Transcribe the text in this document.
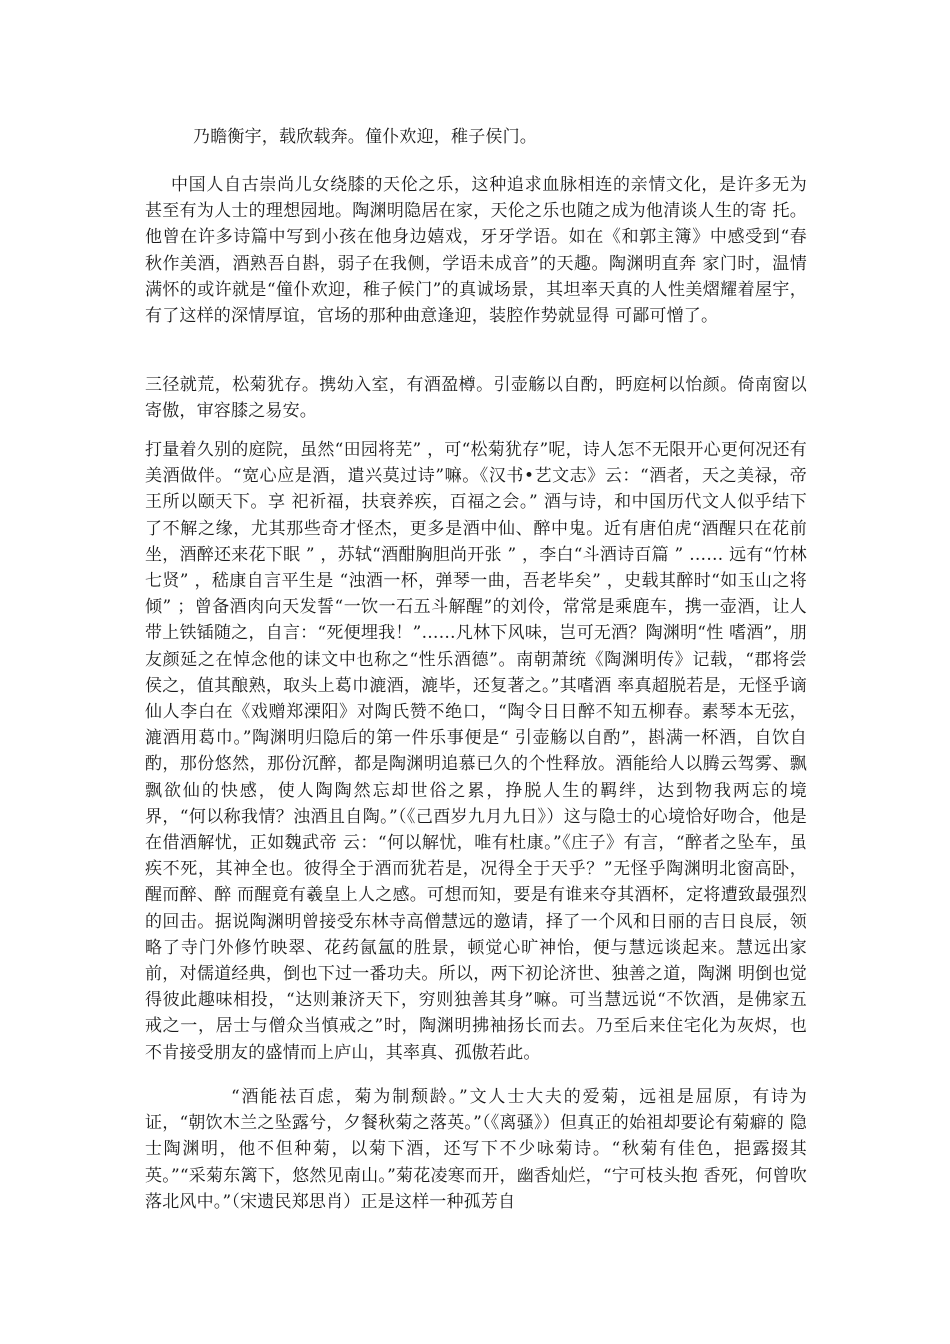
乃瞻衡宇，载欣载奔。僮仆欢迎，稚子侯门。

中国人自古崇尚儿女绕膝的天伦之乐，这种追求血脉相连的亲情文化，是许多无为甚至有为人士的理想园地。陶渊明隐居在家，天伦之乐也随之成为他清谈人生的寄 托。他曾在许多诗篇中写到小孩在他身边嬉戏，牙牙学语。如在《和郭主簿》中感受到“春秋作美酒，酒熟吾自斟，弱子在我侧，学语未成音”的天趣。陶渊明直奔 家门时，温情满怀的或许就是“僮仆欢迎，稚子候门”的真诚场景，其坦率天真的人性美熠耀着屋宇，有了这样的深情厚谊，官场的那种曲意逢迎，装腔作势就显得 可鄙可憎了。

三径就荒，松菊犹存。携幼入室，有酒盈樽。引壶觞以自酌，眄庭柯以怡颜。倚南窗以寄傲，审容膝之易安。

打量着久别的庭院，虽然“田园将芜” ，可“松菊犹存”呢，诗人怎不无限开心更何况还有美酒做伴。“宽心应是酒，遣兴莫过诗”嘛。《汉书•艺文志》云：“酒者，天之美禄，帝王所以颐天下。享 祀祈福，扶衰养疾，百福之会。” 酒与诗，和中国历代文人似乎结下了不解之缘，尤其那些奇才怪杰，更多是酒中仙、醉中鬼。近有唐伯虎“酒醒只在花前坐，酒醉还来花下眠 ” ，苏轼“酒酣胸胆尚开张 ” ，李白“斗酒诗百篇 ” …… 远有“竹林七贤” ，嵇康自言平生是 “浊酒一杯，弹琴一曲，吾老毕矣” ，史载其醉时“如玉山之将倾” ；曾备酒肉向天发誓“一饮一石五斗解醒”的刘伶，常常是乘鹿车，携一壶酒，让人带上铁锸随之，自言：“死便埋我！”……凡林下风味，岂可无酒？陶渊明“性 嗜酒”，朋友颜延之在悼念他的诔文中也称之“性乐酒德”。南朝萧统《陶渊明传》记载，“郡将尝侯之，值其酿熟，取头上葛巾漉酒，漉毕，还复著之。”其嗜酒 率真超脱若是，无怪乎谪仙人李白在《戏赠郑溧阳》对陶氏赞不绝口，“陶令日日醉不知五柳春。素琴本无弦，漉酒用葛巾。”陶渊明归隐后的第一件乐事便是“ 引壶觞以自酌”，斟满一杯酒，自饮自酌，那份悠然，那份沉醉，都是陶渊明追慕已久的个性释放。酒能给人以腾云驾雾、飘飘欲仙的快感，使人陶陶然忘却世俗之累，挣脱人生的羁绊，达到物我两忘的境界，“何以称我情？浊酒且自陶。”（《己酉岁九月九日》）这与隐士的心境恰好吻合，他是在借酒解忧，正如魏武帝 云：“何以解忧，唯有杜康。”《庄子》有言，“醉者之坠车，虽疾不死，其神全也。彼得全于酒而犹若是，况得全于天乎？”无怪乎陶渊明北窗高卧，醒而醉、醉 而醒竟有羲皇上人之感。可想而知，要是有谁来夺其酒杯，定将遭致最强烈的回击。据说陶渊明曾接受东林寺高僧慧远的邀请，择了一个风和日丽的吉日良辰，领 略了寺门外修竹映翠、花药氤氲的胜景，顿觉心旷神怡，便与慧远谈起来。慧远出家前，对儒道经典，倒也下过一番功夫。所以，两下初论济世、独善之道，陶渊 明倒也觉得彼此趣味相投，“达则兼济天下，穷则独善其身”嘛。可当慧远说“不饮酒，是佛家五戒之一，居士与僧众当慎戒之”时，陶渊明拂袖扬长而去。乃至后来住宅化为灰烬，也不肯接受朋友的盛情而上庐山，其率真、孤傲若此。

“酒能祛百虑，菊为制颓龄。”文人士大夫的爱菊，远祖是屈原，有诗为证，“朝饮木兰之坠露兮，夕餐秋菊之落英。”（《离骚》）但真正的始祖却要论有菊癖的 隐士陶渊明，他不但种菊，以菊下酒，还写下不少咏菊诗。“秋菊有佳色，挹露掇其英。”“采菊东篱下，悠然见南山。”菊花凌寒而开，幽香灿烂，“宁可枝头抱 香死，何曾吹落北风中。”（宋遗民郑思肖）正是这样一种孤芳自
